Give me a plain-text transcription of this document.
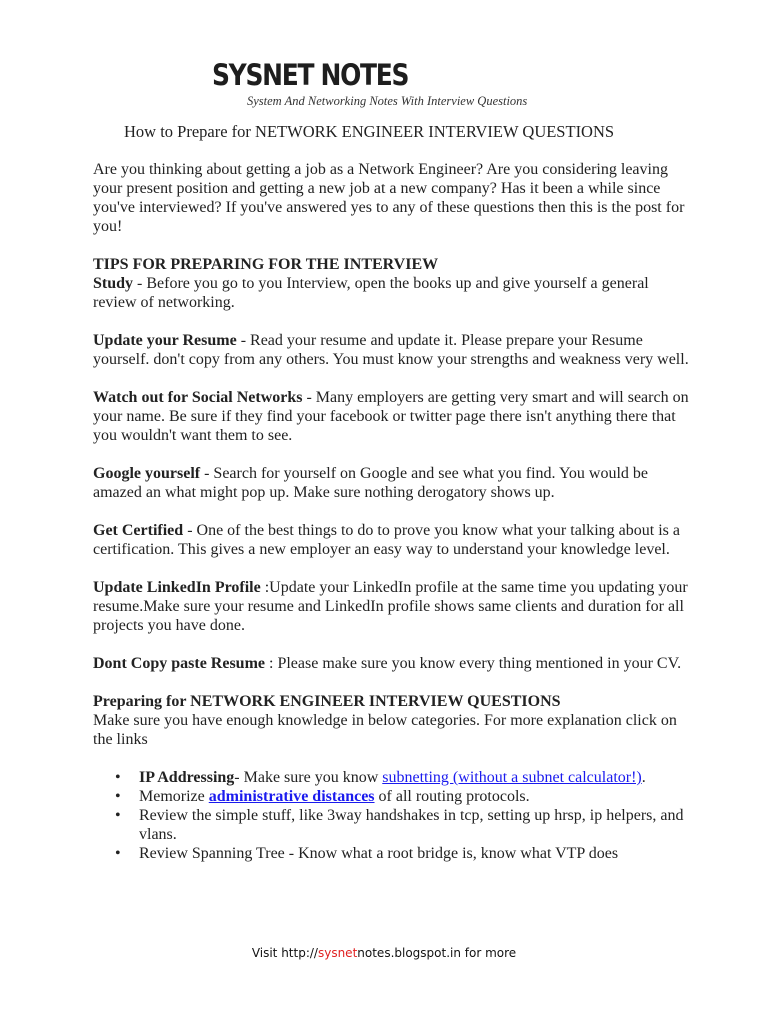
SYSNET NOTES
System And Networking Notes With Interview Questions
How to Prepare for NETWORK ENGINEER INTERVIEW QUESTIONS

Are you thinking about getting a job as a Network Engineer? Are you considering leaving your present position and getting a new job at a new company? Has it been a while since you've interviewed? If you've answered yes to any of these questions then this is the post for you!

TIPS FOR PREPARING FOR THE INTERVIEW

Study - Before you go to you Interview, open the books up and give yourself a general review of networking.

Update your Resume - Read your resume and update it. Please prepare your Resume yourself. don't copy from any others. You must know your strengths and weakness very well.

Watch out for Social Networks - Many employers are getting very smart and will search on your name. Be sure if they find your facebook or twitter page there isn't anything there that you wouldn't want them to see.

Google yourself - Search for yourself on Google and see what you find. You would be amazed an what might pop up. Make sure nothing derogatory shows up.

Get Certified - One of the best things to do to prove you know what your talking about is a certification. This gives a new employer an easy way to understand your knowledge level.

Update LinkedIn Profile :Update your LinkedIn profile at the same time you updating your resume.Make sure your resume and LinkedIn profile shows same clients and duration for all projects you have done.

Dont Copy paste Resume : Please make sure you know every thing mentioned in your CV.

Preparing for NETWORK ENGINEER INTERVIEW QUESTIONS

Make sure you have enough knowledge in below categories. For more explanation click on the links

• IP Addressing- Make sure you know subnetting (without a subnet calculator!).
• Memorize administrative distances of all routing protocols.
• Review the simple stuff, like 3way handshakes in tcp, setting up hrsp, ip helpers, and vlans.
• Review Spanning Tree - Know what a root bridge is, know what VTP does
Visit http://sysnetnotes.blogspot.in for more
